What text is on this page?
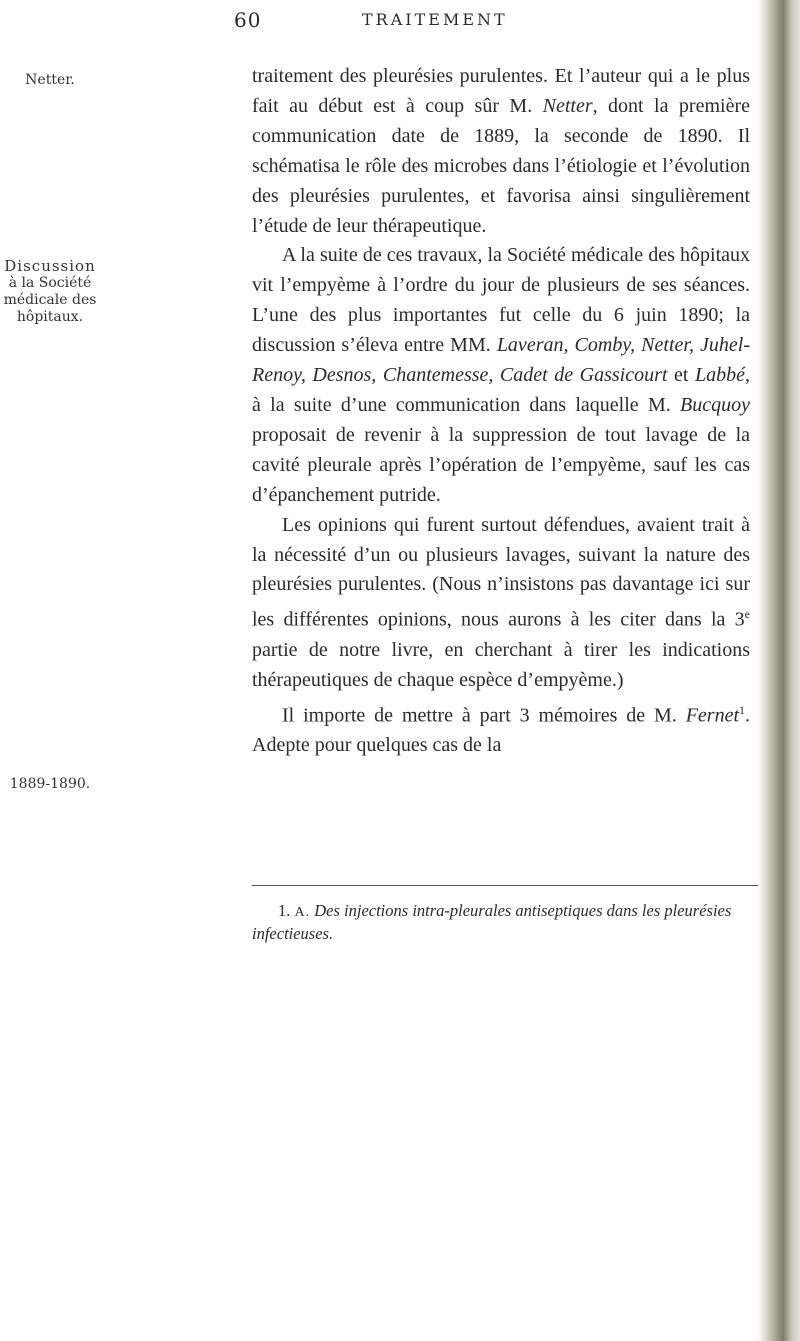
60	TRAITEMENT
Netter.
Discussion
à la Société
médicale des
hôpitaux.
1889-1890.

traitement des pleurésies purulentes. Et l’auteur qui a le plus fait au début est à coup sûr M. Netter, dont la première communication date de 1889, la seconde de 1890. Il schématisa le rôle des microbes dans l’étiologie et l’évolution des pleurésies purulentes, et favorisa ainsi singulièrement l’étude de leur thérapeutique.

A la suite de ces travaux, la Société médicale des hôpitaux vit l’empyème à l’ordre du jour de plusieurs de ses séances. L’une des plus importantes fut celle du 6 juin 1890; la discussion s’éleva entre MM. Laveran, Comby, Netter, Juhel-Renoy, Desnos, Chantemesse, Cadet de Gassicourt et Labbé, à la suite d’une communication dans laquelle M. Bucquoy proposait de revenir à la suppression de tout lavage de la cavité pleurale après l’opération de l’empyème, sauf les cas d’épanchement putride.

Les opinions qui furent surtout défendues, avaient trait à la nécessité d’un ou plusieurs lavages, suivant la nature des pleurésies purulentes. (Nous n’insistons pas davantage ici sur les différentes opinions, nous aurons à les citer dans la 3e partie de notre livre, en cherchant à tirer les indications thérapeutiques de chaque espèce d’empyème.)

Il importe de mettre à part 3 mémoires de M. Fernet$^1$. Adepte pour quelques cas de la

1. A. Des injections intra-pleurales antiseptiques dans les pleurésies infectieuses.
